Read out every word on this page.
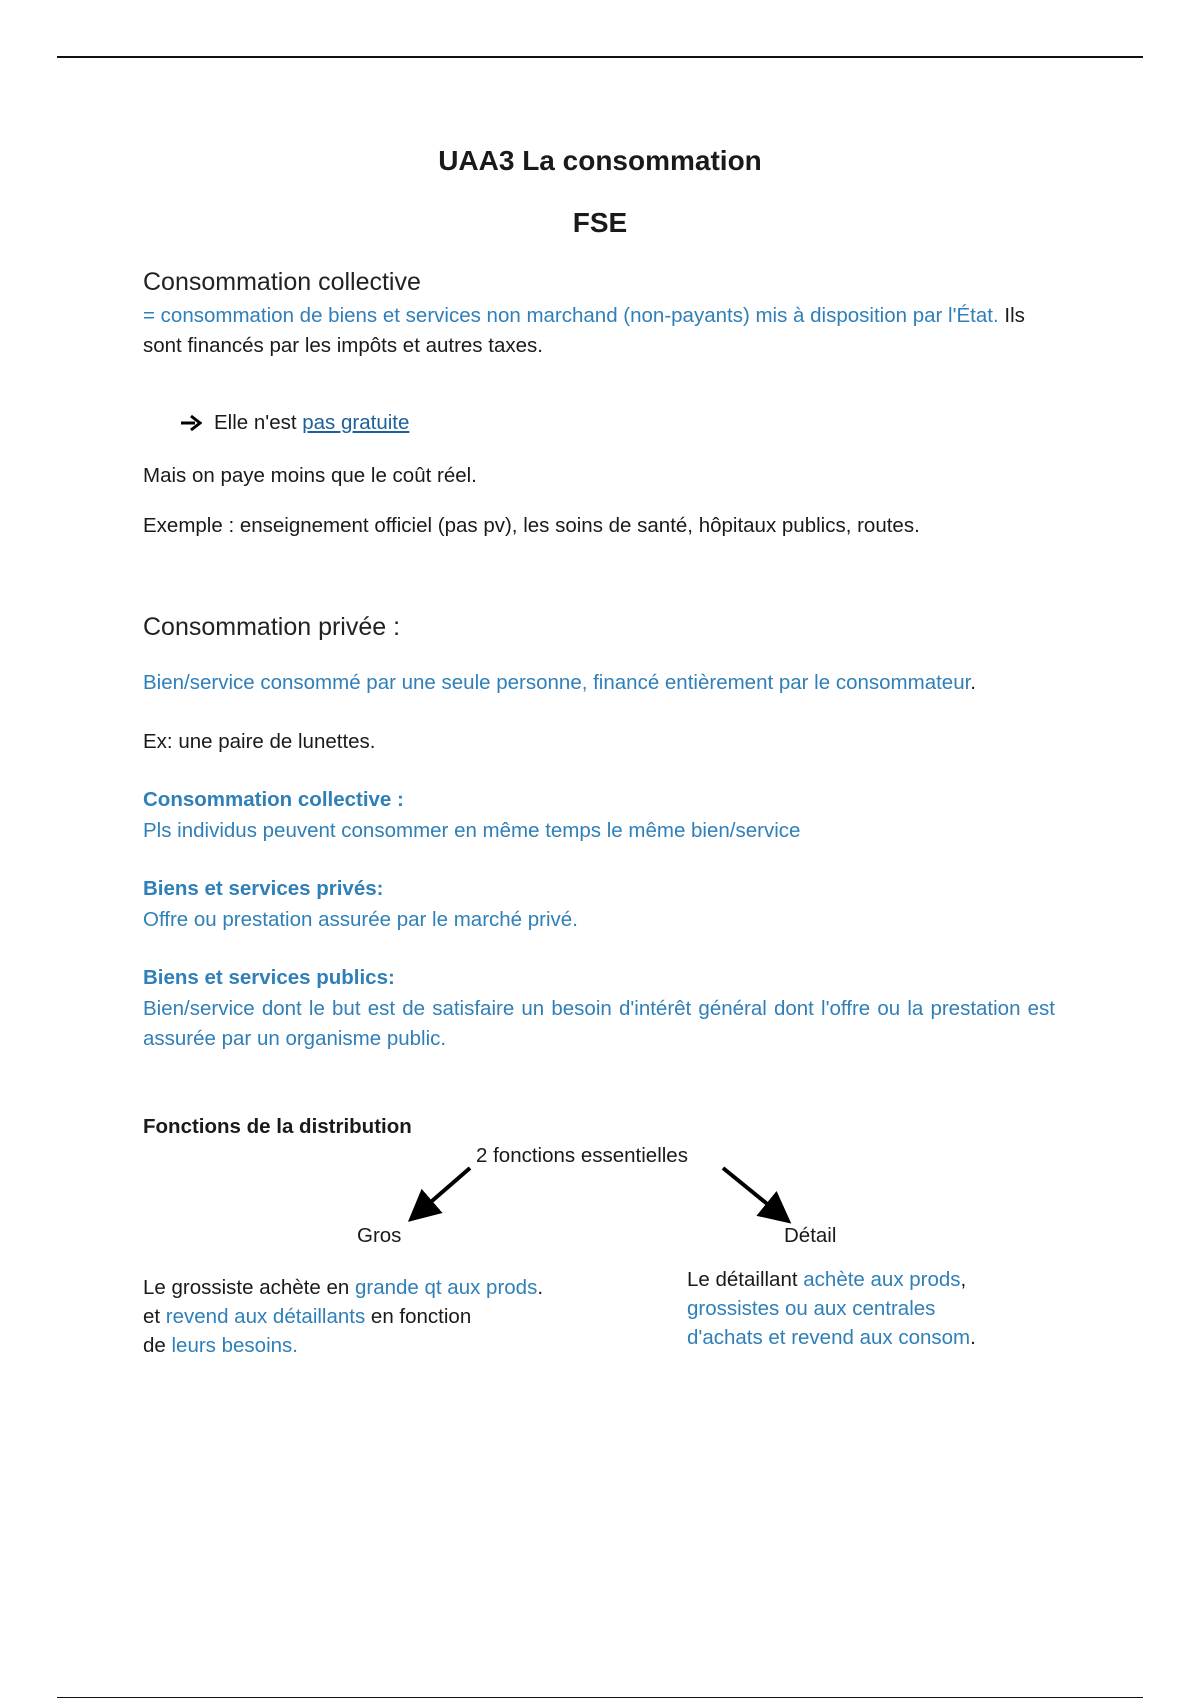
UAA3 La consommation
FSE
Consommation collective
= consommation de biens et services non marchand (non-payants) mis à disposition par l'État. Ils sont financés par les impôts et autres taxes.
Elle n'est pas gratuite
Mais on paye moins que le coût réel.
Exemple : enseignement officiel (pas pv), les soins de santé, hôpitaux publics, routes.
Consommation privée :
Bien/service consommé par une seule personne, financé entièrement par le consommateur.
Ex: une paire de lunettes.
Consommation collective :
Pls individus peuvent consommer en même temps le même bien/service
Biens et services privés:
Offre ou prestation assurée par le marché privé.
Biens et services publics:
Bien/service dont le but est de satisfaire un besoin d'intérêt général dont l'offre ou la prestation est assurée par un organisme public.
Fonctions de la distribution
2 fonctions essentielles
Gros	Détail
Le grossiste achète en grande qt aux prods.
et revend aux détaillants en fonction
de leurs besoins.
Le détaillant achète aux prods,
grossistes ou aux centrales
d'achats et revend aux consom.
